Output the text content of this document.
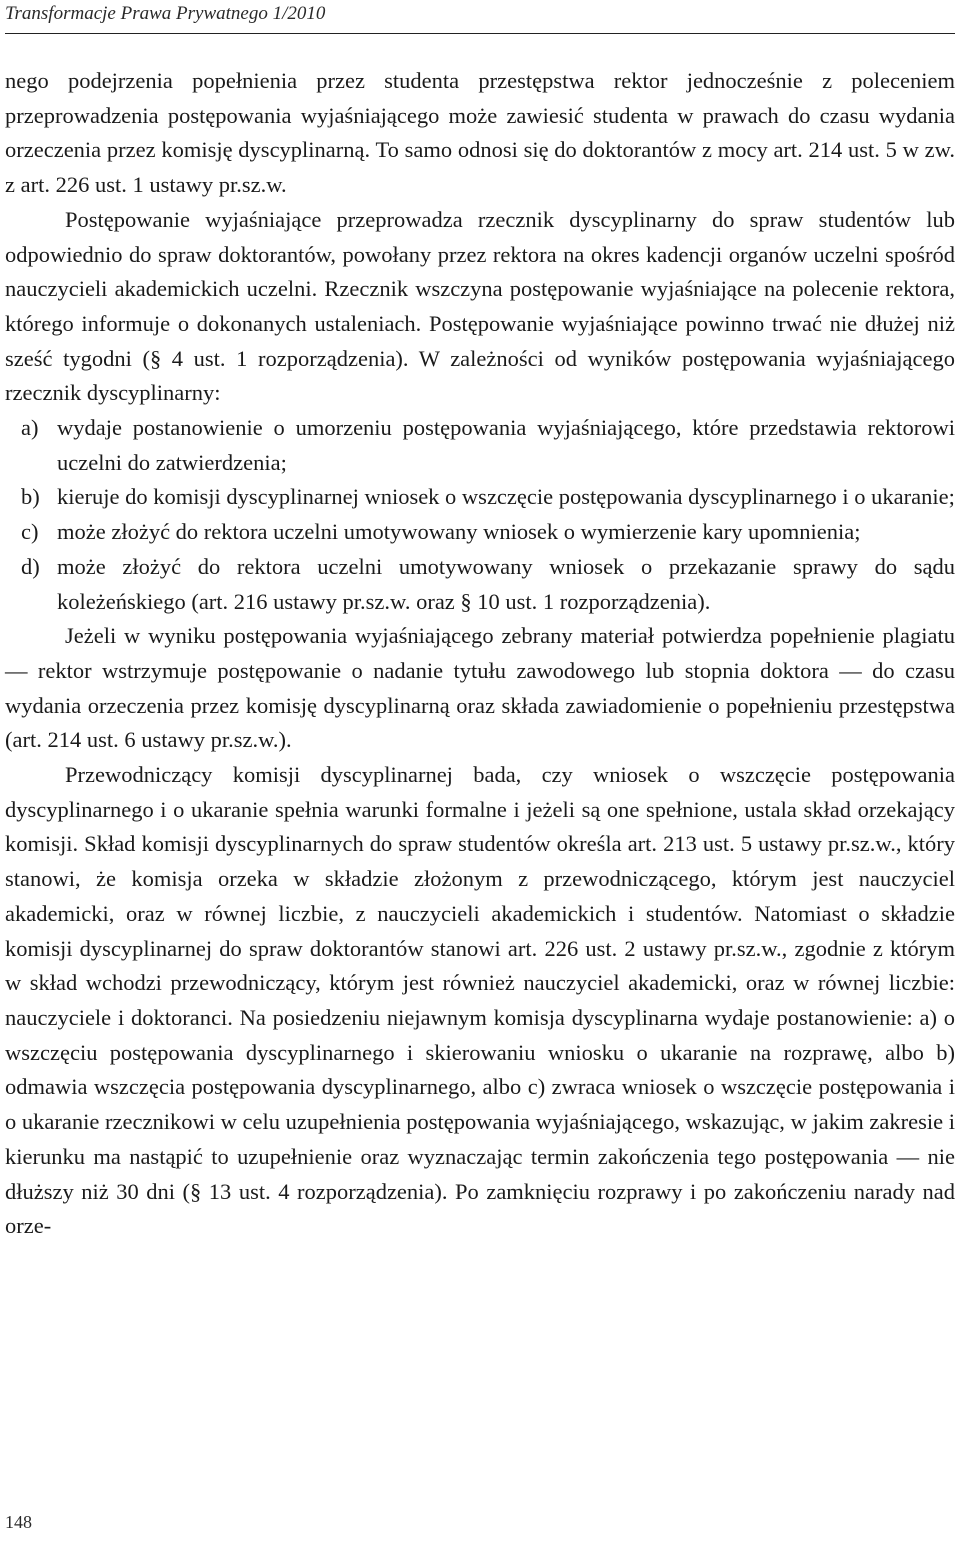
Transformacje Prawa Prywatnego 1/2010

nego podejrzenia popełnienia przez studenta przestępstwa rektor jednocześnie z poleceniem przeprowadzenia postępowania wyjaśniającego może zawiesić studenta w prawach do czasu wydania orzeczenia przez komisję dyscyplinarną. To samo odnosi się do doktorantów z mocy art. 214 ust. 5 w zw. z art. 226 ust. 1 ustawy pr.sz.w.

Postępowanie wyjaśniające przeprowadza rzecznik dyscyplinarny do spraw studentów lub odpowiednio do spraw doktorantów, powołany przez rektora na okres kadencji organów uczelni spośród nauczycieli akademickich uczelni. Rzecznik wszczyna postępowanie wyjaśniające na polecenie rektora, którego informuje o dokonanych ustaleniach. Postępowanie wyjaśniające powinno trwać nie dłużej niż sześć tygodni (§ 4 ust. 1 rozporządzenia). W zależności od wyników postępowania wyjaśniającego rzecznik dyscyplinarny:

a) wydaje postanowienie o umorzeniu postępowania wyjaśniającego, które przedstawia rektorowi uczelni do zatwierdzenia;
b) kieruje do komisji dyscyplinarnej wniosek o wszczęcie postępowania dyscyplinarnego i o ukaranie;
c) może złożyć do rektora uczelni umotywowany wniosek o wymierzenie kary upomnienia;
d) może złożyć do rektora uczelni umotywowany wniosek o przekazanie sprawy do sądu koleżeńskiego (art. 216 ustawy pr.sz.w. oraz § 10 ust. 1 rozporządzenia).

Jeżeli w wyniku postępowania wyjaśniającego zebrany materiał potwierdza popełnienie plagiatu — rektor wstrzymuje postępowanie o nadanie tytułu zawodowego lub stopnia doktora — do czasu wydania orzeczenia przez komisję dyscyplinarną oraz składa zawiadomienie o popełnieniu przestępstwa (art. 214 ust. 6 ustawy pr.sz.w.).

Przewodniczący komisji dyscyplinarnej bada, czy wniosek o wszczęcie postępowania dyscyplinarnego i o ukaranie spełnia warunki formalne i jeżeli są one spełnione, ustala skład orzekający komisji. Skład komisji dyscyplinarnych do spraw studentów określa art. 213 ust. 5 ustawy pr.sz.w., który stanowi, że komisja orzeka w składzie złożonym z przewodniczącego, którym jest nauczyciel akademicki, oraz w równej liczbie, z nauczycieli akademickich i studentów. Natomiast o składzie komisji dyscyplinarnej do spraw doktorantów stanowi art. 226 ust. 2 ustawy pr.sz.w., zgodnie z którym w skład wchodzi przewodniczący, którym jest również nauczyciel akademicki, oraz w równej liczbie: nauczyciele i doktoranci. Na posiedzeniu niejawnym komisja dyscyplinarna wydaje postanowienie: a) o wszczęciu postępowania dyscyplinarnego i skierowaniu wniosku o ukaranie na rozprawę, albo b) odmawia wszczęcia postępowania dyscyplinarnego, albo c) zwraca wniosek o wszczęcie postępowania i o ukaranie rzecznikowi w celu uzupełnienia postępowania wyjaśniającego, wskazując, w jakim zakresie i kierunku ma nastąpić to uzupełnienie oraz wyznaczając termin zakończenia tego postępowania — nie dłuższy niż 30 dni (§ 13 ust. 4 rozporządzenia). Po zamknięciu rozprawy i po zakończeniu narady nad orze-

148
